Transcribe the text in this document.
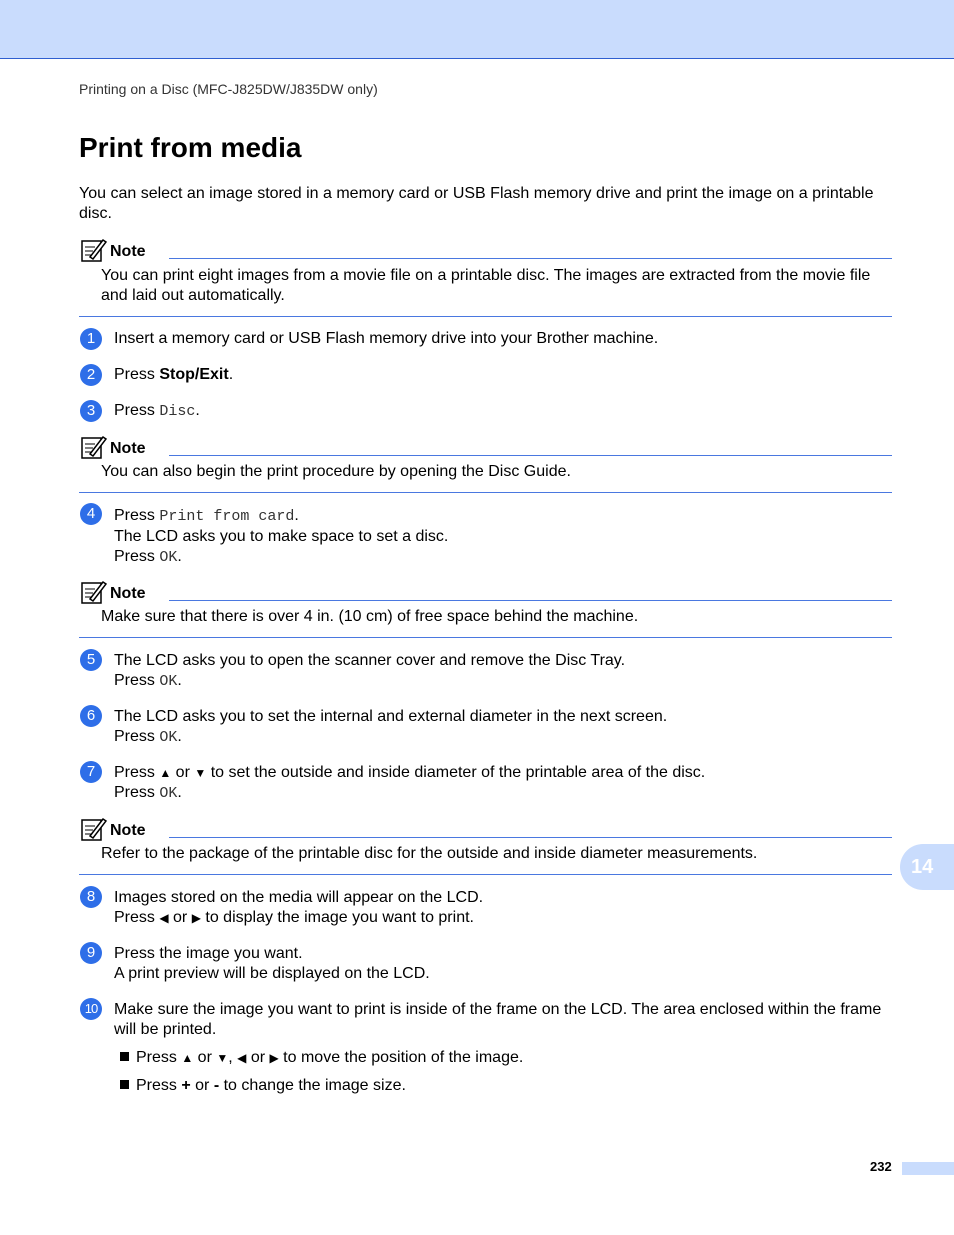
Printing on a Disc (MFC-J825DW/J835DW only)
Print from media

You can select an image stored in a memory card or USB Flash memory drive and print the image on a printable disc.

Note

You can print eight images from a movie file on a printable disc. The images are extracted from the movie file and laid out automatically.

1	Insert a memory card or USB Flash memory drive into your Brother machine.

2	Press Stop/Exit.

3	Press Disc.

Note

You can also begin the print procedure by opening the Disc Guide.

4	Press Print from card.
The LCD asks you to make space to set a disc.
Press OK.

Note

Make sure that there is over 4 in. (10 cm) of free space behind the machine.

5	The LCD asks you to open the scanner cover and remove the Disc Tray.
Press OK.

6	The LCD asks you to set the internal and external diameter in the next screen.
Press OK.

7	Press ▲ or ▼ to set the outside and inside diameter of the printable area of the disc.
Press OK.

Note

Refer to the package of the printable disc for the outside and inside diameter measurements.

8	Images stored on the media will appear on the LCD.
Press ◀ or ▶ to display the image you want to print.

9	Press the image you want.
A print preview will be displayed on the LCD.

10 Make sure the image you want to print is inside of the frame on the LCD. The area enclosed within the frame will be printed.

Press ▲ or ▼, ◀ or ▶ to move the position of the image.

Press + or - to change the image size.

14
232
